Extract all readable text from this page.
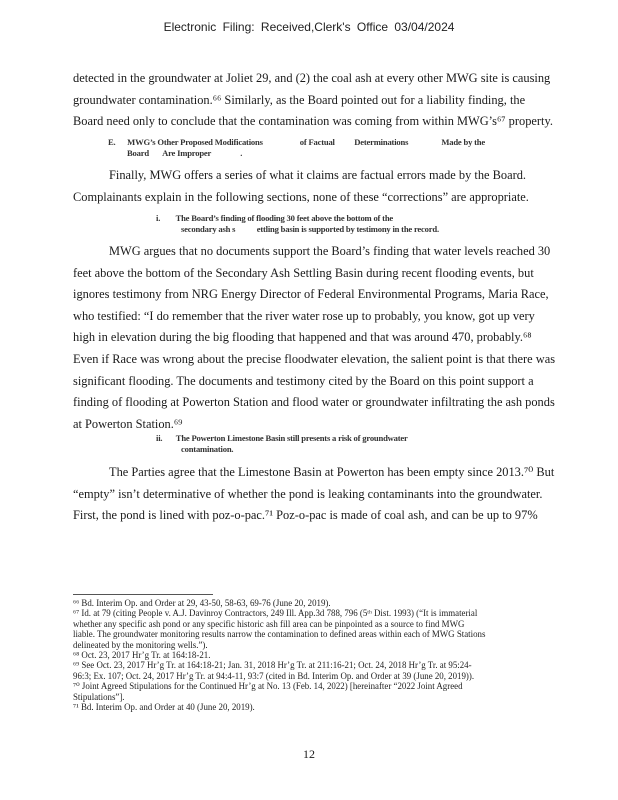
Electronic Filing: Received,Clerk's Office 03/04/2024

detected in the groundwater at Joliet 29, and (2) the coal ash at every other MWG site is causing

groundwater contamination.⁶⁶ Similarly, as the Board pointed out for a liability finding, the

Board need only to conclude that the contamination was coming from within MWG’s⁶⁷ property.

E.      MWG’s Other Proposed Modifications                   of Factual          Determinations                 Made by the

Board       Are Improper               .

Finally, MWG offers a series of what it claims are factual errors made by the Board.

Complainants explain in the following sections, none of these “corrections” are appropriate.

i.        The Board’s finding of flooding 30 feet above the bottom of the

secondary ash s           ettling basin is supported by testimony in the record.

MWG argues that no documents support the Board’s finding that water levels reached 30

feet above the bottom of the Secondary Ash Settling Basin during recent flooding events, but

ignores testimony from NRG Energy Director of Federal Environmental Programs, Maria Race,

who testified: “I do remember that the river water rose up to probably, you know, got up very

high in elevation during the big flooding that happened and that was around 470, probably.⁶⁸

Even if Race was wrong about the precise floodwater elevation, the salient point is that there was

significant flooding. The documents and testimony cited by the Board on this point support a

finding of flooding at Powerton Station and flood water or groundwater infiltrating the ash ponds

at Powerton Station.⁶⁹

ii.       The Powerton Limestone Basin still presents a risk of groundwater

contamination.

The Parties agree that the Limestone Basin at Powerton has been empty since 2013.⁷⁰ But

“empty” isn’t determinative of whether the pond is leaking contaminants into the groundwater.

First, the pond is lined with poz-o-pac.⁷¹ Poz-o-pac is made of coal ash, and can be up to 97%

⁶⁶ Bd. Interim Op. and Order at 29, 43-50, 58-63, 69-76 (June 20, 2019).

⁶⁷ Id. at 79 (citing People v. A.J. Davinroy Contractors, 249 Ill. App.3d 788, 796 (5ᵗʰ Dist. 1993) (“It is immaterial

whether any specific ash pond or any specific historic ash fill area can be pinpointed as a source to find MWG

liable. The groundwater monitoring results narrow the contamination to defined areas within each of MWG Stations

delineated by the monitoring wells.”).

⁶⁸ Oct. 23, 2017 Hr’g Tr. at 164:18-21.

⁶⁹ See Oct. 23, 2017 Hr’g Tr. at 164:18-21; Jan. 31, 2018 Hr’g Tr. at 211:16-21; Oct. 24, 2018 Hr’g Tr. at 95:24-

96:3; Ex. 107; Oct. 24, 2017 Hr’g Tr. at 94:4-11, 93:7 (cited in Bd. Interim Op. and Order at 39 (June 20, 2019)).

⁷⁰ Joint Agreed Stipulations for the Continued Hr’g at No. 13 (Feb. 14, 2022) [hereinafter “2022 Joint Agreed

Stipulations”].

⁷¹ Bd. Interim Op. and Order at 40 (June 20, 2019).

12
